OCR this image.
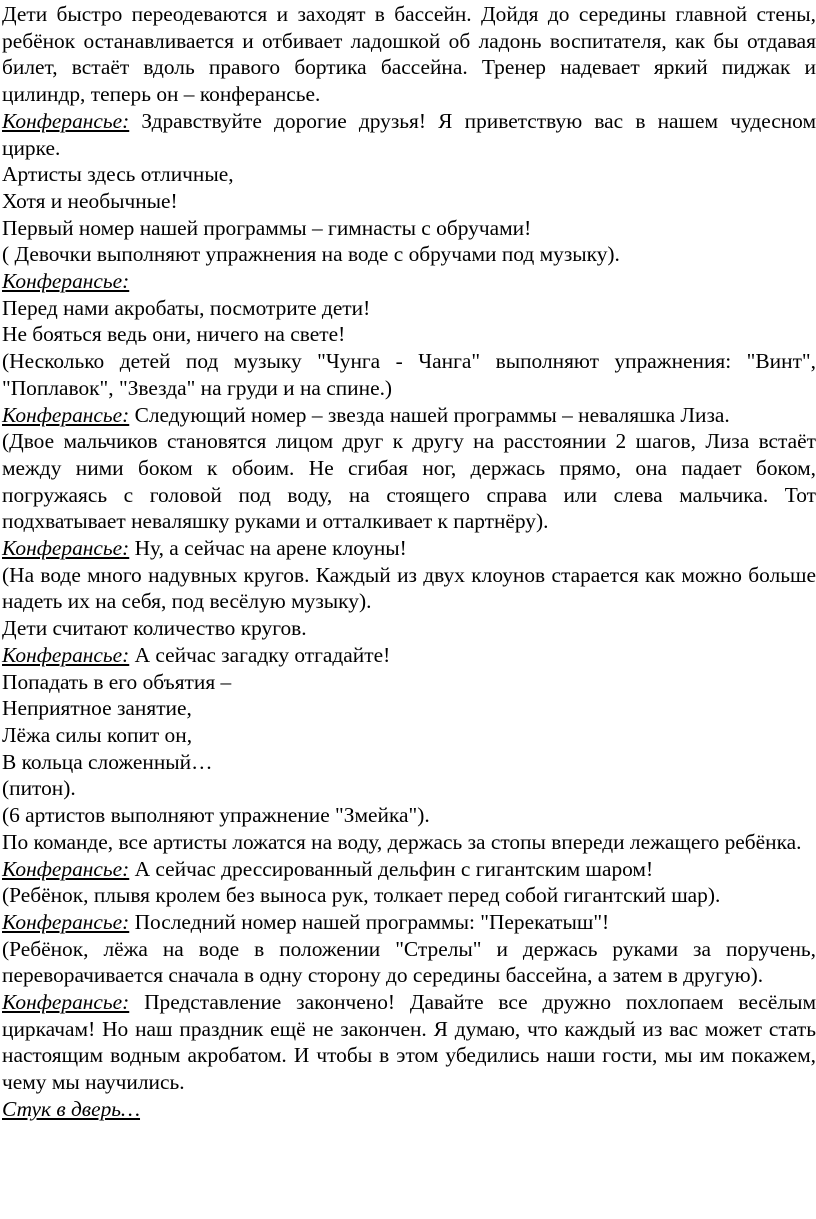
Дети быстро переодеваются и заходят в бассейн. Дойдя до середины главной стены, ребёнок останавливается и отбивает ладошкой об ладонь воспитателя, как бы отдавая билет, встаёт вдоль правого бортика бассейна. Тренер надевает яркий пиджак и цилиндр, теперь он – конферансье.

Конферансье: Здравствуйте дорогие друзья! Я приветствую вас в нашем чудесном цирке.

Артисты здесь отличные,

Хотя и необычные!

Первый номер нашей программы – гимнасты с обручами!

( Девочки выполняют упражнения на воде с обручами под музыку).

Конферансье:

Перед нами акробаты, посмотрите дети!

Не бояться ведь они, ничего на свете!

(Несколько детей под музыку "Чунга - Чанга" выполняют упражнения: "Винт", "Поплавок", "Звезда" на груди и на спине.)

Конферансье: Следующий номер – звезда нашей программы – неваляшка Лиза.

(Двое мальчиков становятся лицом друг к другу на расстоянии 2 шагов, Лиза встаёт между ними боком к обоим. Не сгибая ног, держась прямо, она падает боком, погружаясь с головой под воду, на стоящего справа или слева мальчика. Тот подхватывает неваляшку руками и отталкивает к партнёру).

Конферансье: Ну, а сейчас на арене клоуны!

(На воде много надувных кругов. Каждый из двух клоунов старается как можно больше надеть их на себя, под весёлую музыку).

Дети считают количество кругов.

Конферансье: А сейчас загадку отгадайте!

Попадать в его объятия –

Неприятное занятие,

Лёжа силы копит он,

В кольца сложенный…

(питон).

(6 артистов выполняют упражнение "Змейка").

По команде, все артисты ложатся на воду, держась за стопы впереди лежащего ребёнка.

Конферансье: А сейчас дрессированный дельфин с гигантским шаром!

(Ребёнок, плывя кролем без выноса рук, толкает перед собой гигантский шар).

Конферансье: Последний номер нашей программы: "Перекатыш"!

(Ребёнок, лёжа на воде в положении "Стрелы" и держась руками за поручень, переворачивается сначала в одну сторону до середины бассейна, а затем в другую).

Конферансье: Представление закончено! Давайте все дружно похлопаем весёлым циркачам! Но наш праздник ещё не закончен. Я думаю, что каждый из вас может стать настоящим водным акробатом. И чтобы в этом убедились наши гости, мы им покажем, чему мы научились.

Стук в дверь…
